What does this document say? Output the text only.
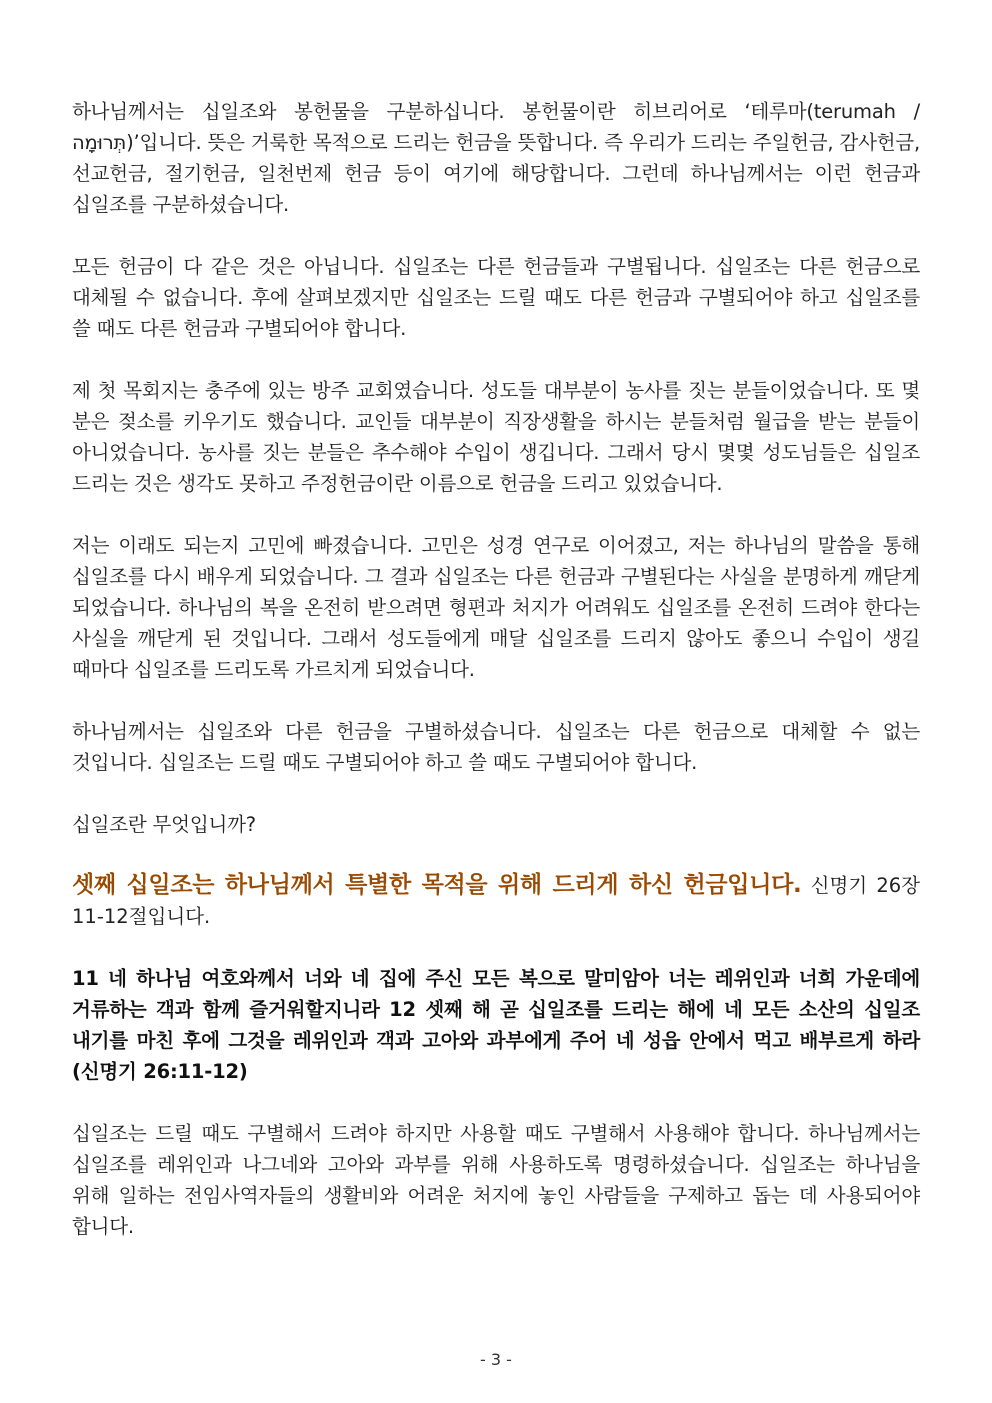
하나님께서는 십일조와 봉헌물을 구분하십니다. 봉헌물이란 히브리어로 ‘테루마(terumah / תְּרוּמָה)’입니다. 뜻은 거룩한 목적으로 드리는 헌금을 뜻합니다. 즉 우리가 드리는 주일헌금, 감사헌금, 선교헌금, 절기헌금, 일천번제 헌금 등이 여기에 해당합니다. 그런데 하나님께서는 이런 헌금과 십일조를 구분하셨습니다.

모든 헌금이 다 같은 것은 아닙니다. 십일조는 다른 헌금들과 구별됩니다. 십일조는 다른 헌금으로 대체될 수 없습니다. 후에 살펴보겠지만 십일조는 드릴 때도 다른 헌금과 구별되어야 하고 십일조를 쓸 때도 다른 헌금과 구별되어야 합니다.

제 첫 목회지는 충주에 있는 방주 교회였습니다. 성도들 대부분이 농사를 짓는 분들이었습니다. 또 몇 분은 젖소를 키우기도 했습니다. 교인들 대부분이 직장생활을 하시는 분들처럼 월급을 받는 분들이 아니었습니다. 농사를 짓는 분들은 추수해야 수입이 생깁니다. 그래서 당시 몇몇 성도님들은 십일조 드리는 것은 생각도 못하고 주정헌금이란 이름으로 헌금을 드리고 있었습니다.

저는 이래도 되는지 고민에 빠졌습니다. 고민은 성경 연구로 이어졌고, 저는 하나님의 말씀을 통해 십일조를 다시 배우게 되었습니다. 그 결과 십일조는 다른 헌금과 구별된다는 사실을 분명하게 깨닫게 되었습니다. 하나님의 복을 온전히 받으려면 형편과 처지가 어려워도 십일조를 온전히 드려야 한다는 사실을 깨닫게 된 것입니다. 그래서 성도들에게 매달 십일조를 드리지 않아도 좋으니 수입이 생길 때마다 십일조를 드리도록 가르치게 되었습니다.

하나님께서는 십일조와 다른 헌금을 구별하셨습니다. 십일조는 다른 헌금으로 대체할 수 없는 것입니다. 십일조는 드릴 때도 구별되어야 하고 쓸 때도 구별되어야 합니다.

십일조란 무엇입니까?

셋째 십일조는 하나님께서 특별한 목적을 위해 드리게 하신 헌금입니다. 신명기 26장 11-12절입니다.

11 네 하나님 여호와께서 너와 네 집에 주신 모든 복으로 말미암아 너는 레위인과 너희 가운데에 거류하는 객과 함께 즐거워할지니라 12 셋째 해 곧 십일조를 드리는 해에 네 모든 소산의 십일조 내기를 마친 후에 그것을 레위인과 객과 고아와 과부에게 주어 네 성읍 안에서 먹고 배부르게 하라 (신명기 26:11-12)

십일조는 드릴 때도 구별해서 드려야 하지만 사용할 때도 구별해서 사용해야 합니다. 하나님께서는 십일조를 레위인과 나그네와 고아와 과부를 위해 사용하도록 명령하셨습니다. 십일조는 하나님을 위해 일하는 전임사역자들의 생활비와 어려운 처지에 놓인 사람들을 구제하고 돕는 데 사용되어야 합니다.

- 3 -
